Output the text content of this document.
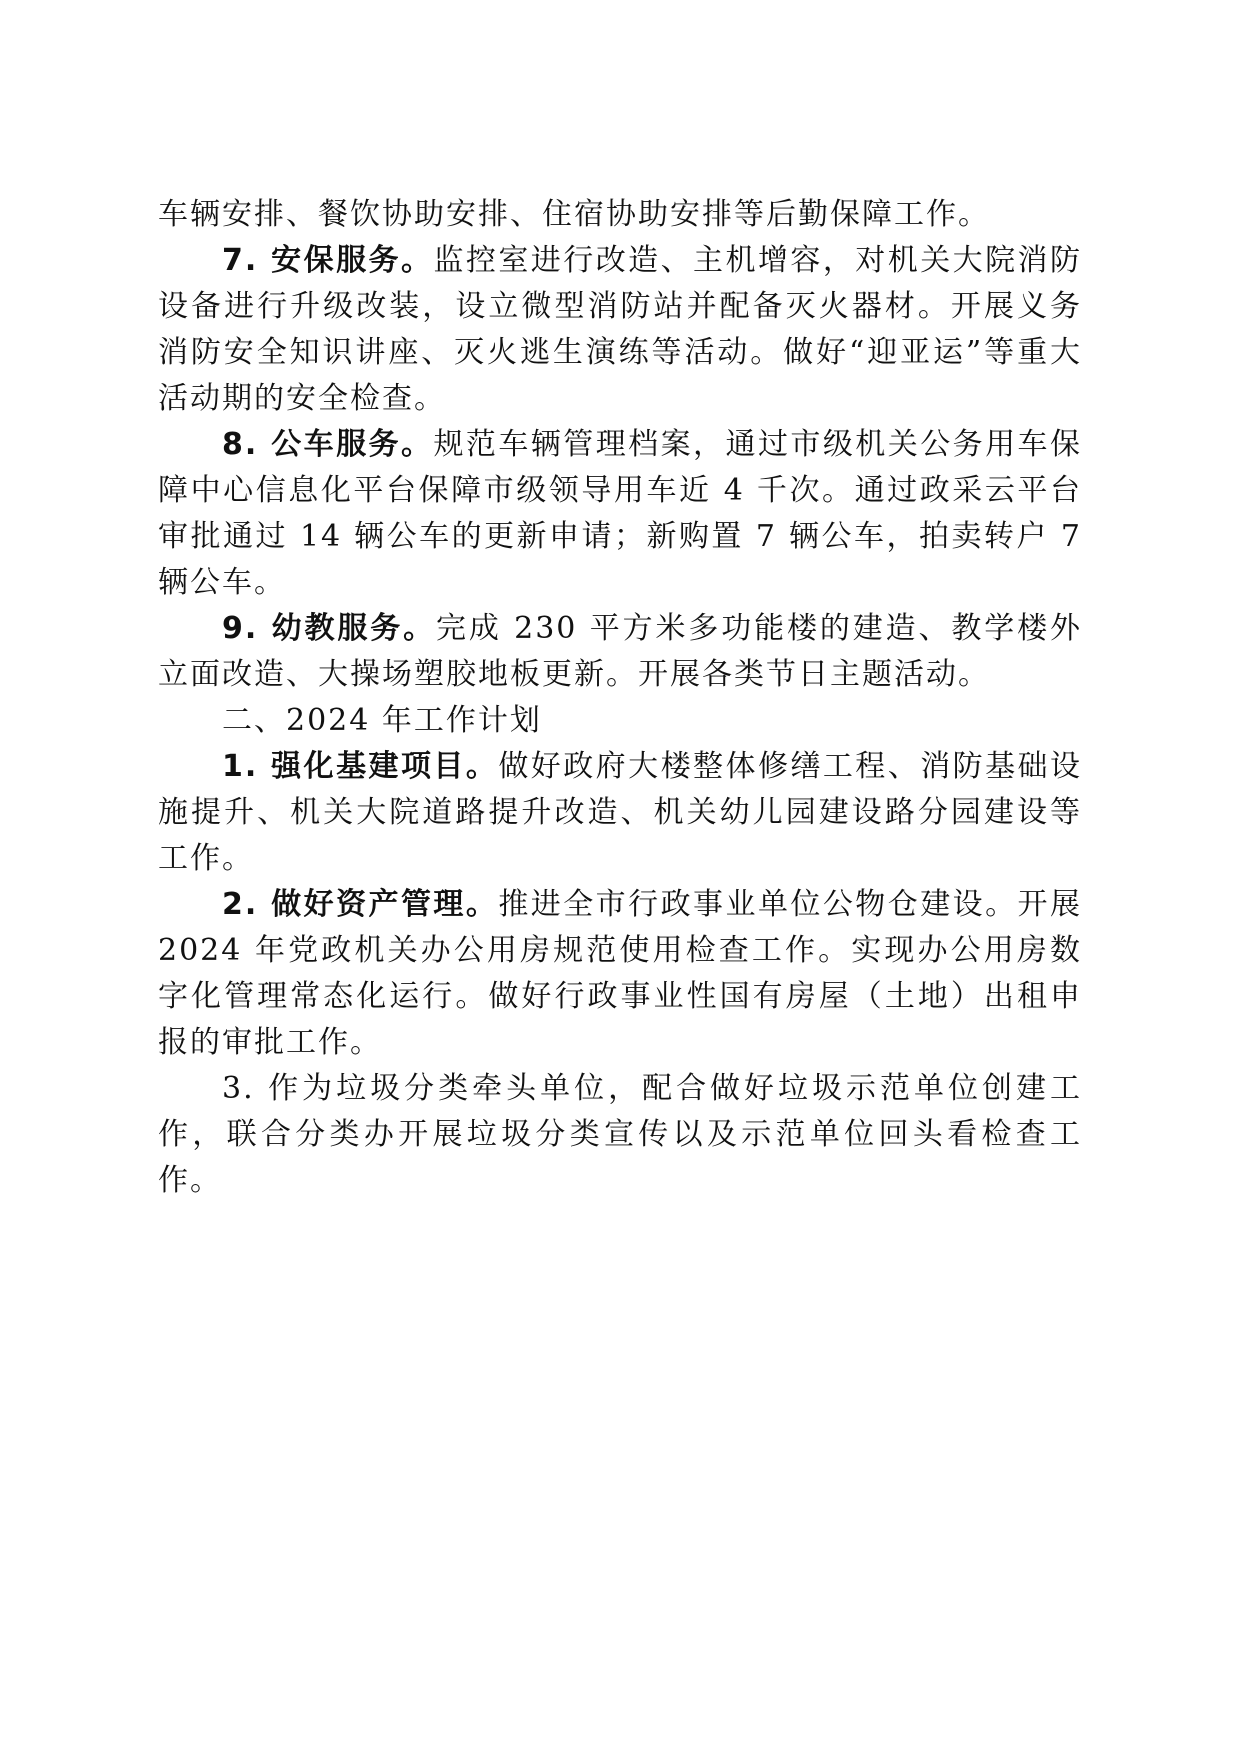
车辆安排、餐饮协助安排、住宿协助安排等后勤保障工作。

7. 安保服务。监控室进行改造、主机增容，对机关大院消防设备进行升级改装，设立微型消防站并配备灭火器材。开展义务消防安全知识讲座、灭火逃生演练等活动。做好“迎亚运”等重大活动期的安全检查。

8. 公车服务。规范车辆管理档案，通过市级机关公务用车保障中心信息化平台保障市级领导用车近 4 千次。通过政采云平台审批通过 14 辆公车的更新申请；新购置 7 辆公车，拍卖转户 7 辆公车。

9. 幼教服务。完成 230 平方米多功能楼的建造、教学楼外立面改造、大操场塑胶地板更新。开展各类节日主题活动。

二、2024 年工作计划

1. 强化基建项目。做好政府大楼整体修缮工程、消防基础设施提升、机关大院道路提升改造、机关幼儿园建设路分园建设等工作。

2. 做好资产管理。推进全市行政事业单位公物仓建设。开展 2024 年党政机关办公用房规范使用检查工作。实现办公用房数字化管理常态化运行。做好行政事业性国有房屋（土地）出租申报的审批工作。

3. 作为垃圾分类牵头单位，配合做好垃圾示范单位创建工作，联合分类办开展垃圾分类宣传以及示范单位回头看检查工作。
